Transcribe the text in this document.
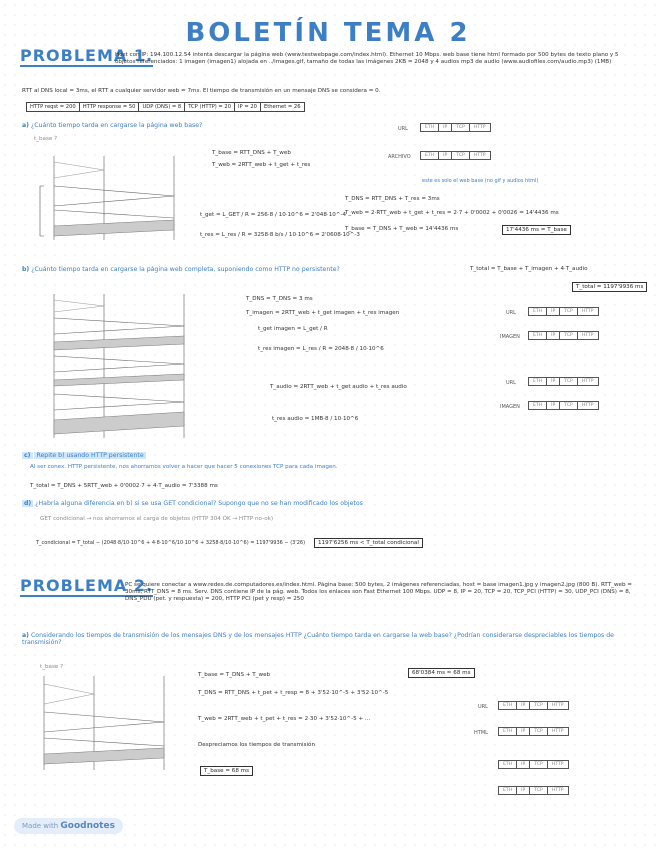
BOLETÍN TEMA 2
PROBLEMA 1.
Host con IP: 194.100.12.54 intenta descargar la página web (www.testwebpage.com/index.html). Ethernet 10 Mbps. web base tiene html formado por 500 bytes de texto plano y 5 objetos referenciados: 1 imagen (imagen1) alojada en ../images.gif, tamaño de todas las imágenes 2KB = 2048 y 4 audios mp3 de audio (www.audiofiles.com/audio.mp3) (1MB)
RTT al DNS local = 3ms, el RTT a cualquier servidor web = 7ms. El tiempo de transmisión en un mensaje DNS se considera = 0.
HTTP reqst = 200	HTTP response = 50	UDP (DNS) = 8	TCP (HTTP) = 20	IP = 20	Ethernet = 26
a) ¿Cuánto tiempo tarda en cargarse la página web base?
t_base ?
T_base = RTT_DNS + T_web
T_web = 2RTT_web + t_get + t_res
t_get = L_GET / R = 256·8 / 10·10^6 = 2'048·10^-4
t_res = L_res / R = 3258·8 b/s / 10·10^6 = 2'0608·10^-3
URL	ETH	IP	TCP	HTTP
ARCHIVO	ETH	IP	TCP	HTTP
este es solo el web base (no gif y audios html)
T_DNS = RTT_DNS + T_res = 3ms
T_web = 2·RTT_web + t_get + t_res = 2·7 + 0'0002 + 0'0026 = 14'4436 ms
T_base = T_DNS + T_web = 14'4436 ms	17'4436 ms = T_base
b) ¿Cuánto tiempo tarda en cargarse la página web completa, suponiendo como HTTP no persistente?	T_total = T_base + T_imagen + 4·T_audio
T_total = 1197'9936 ms
T_DNS = T_DNS = 3 ms
T_imagen = 2RTT_web + t_get imagen + t_res imagen
t_get imagen = L_get / R
t_res imagen = L_res / R = 2048·8 / 10·10^6
T_audio = 2RTT_web + t_get audio + t_res audio
t_res audio = 1MB·8 / 10·10^6
URL	ETH	IP	TCP	HTTP
IMAGEN	ETH	IP	TCP	HTTP
URL	ETH	IP	TCP	HTTP
IMAGEN	ETH	IP	TCP	HTTP
c) Repite b) usando HTTP persistente
Al ser conex. HTTP persistente, nos ahorramos volver a hacer que hacer 5 conexiones TCP para cada imagen.
T_total = T_DNS + 5RTT_web + 0'0002·7 + 4·T_audio = 7'3388 ms
d) ¿Habría alguna diferencia en b) si se usa GET condicional? Supongo que no se han modificado los objetos
GET condicional → nos ahorramos el carga de objetos (HTTP 304 OK → HTTP no-ok)
T_condicional = T_total − (2048·8/10·10^6 + 4·8·10^6/10·10^6 + 3258·8/10·10^6) = 1197'9936 − (3'26)	1197'6256 ms < T_total condicional
PROBLEMA 2.
PC se quiere conectar a www.redes.de.computadores.es/index.html. Página base: 500 bytes, 2 imágenes referenciadas, host = base imagen1.jpg y imagen2.jpg (800 B). RTT_web = 30ms, RTT_DNS = 8 ms. Serv. DNS contiene IP de la pág. web. Todos los enlaces son Fast Ethernet 100 Mbps. UDP = 8, IP = 20, TCP = 20, TCP_PCI (HTTP) = 30, UDP_PCI (DNS) = 8, DNS_PDU (pet. y respuesta) = 200, HTTP PCI (pet y resp) = 250
a) Considerando los tiempos de transmisión de los mensajes DNS y de los mensajes HTTP ¿Cuánto tiempo tarda en cargarse la web base? ¿Podrían considerarse despreciables los tiempos de transmisión?
t_base ?
T_base = T_DNS + T_web	68'0384 ms ≈ 68 ms
T_DNS = RTT_DNS + t_pet + t_resp = 8 + 3'52·10^-5 + 3'52·10^-5
T_web = 2RTT_web + t_pet + t_res = 2·30 + 3'52·10^-5 + ...
Despreciamos los tiempos de transmisión
T_base = 68 ms
URL	ETH	IP	TCP	HTTP
HTML	ETH	IP	TCP	HTTP
ETH	IP	TCP	HTTP
ETH	IP	TCP	HTTP
Made with Goodnotes
